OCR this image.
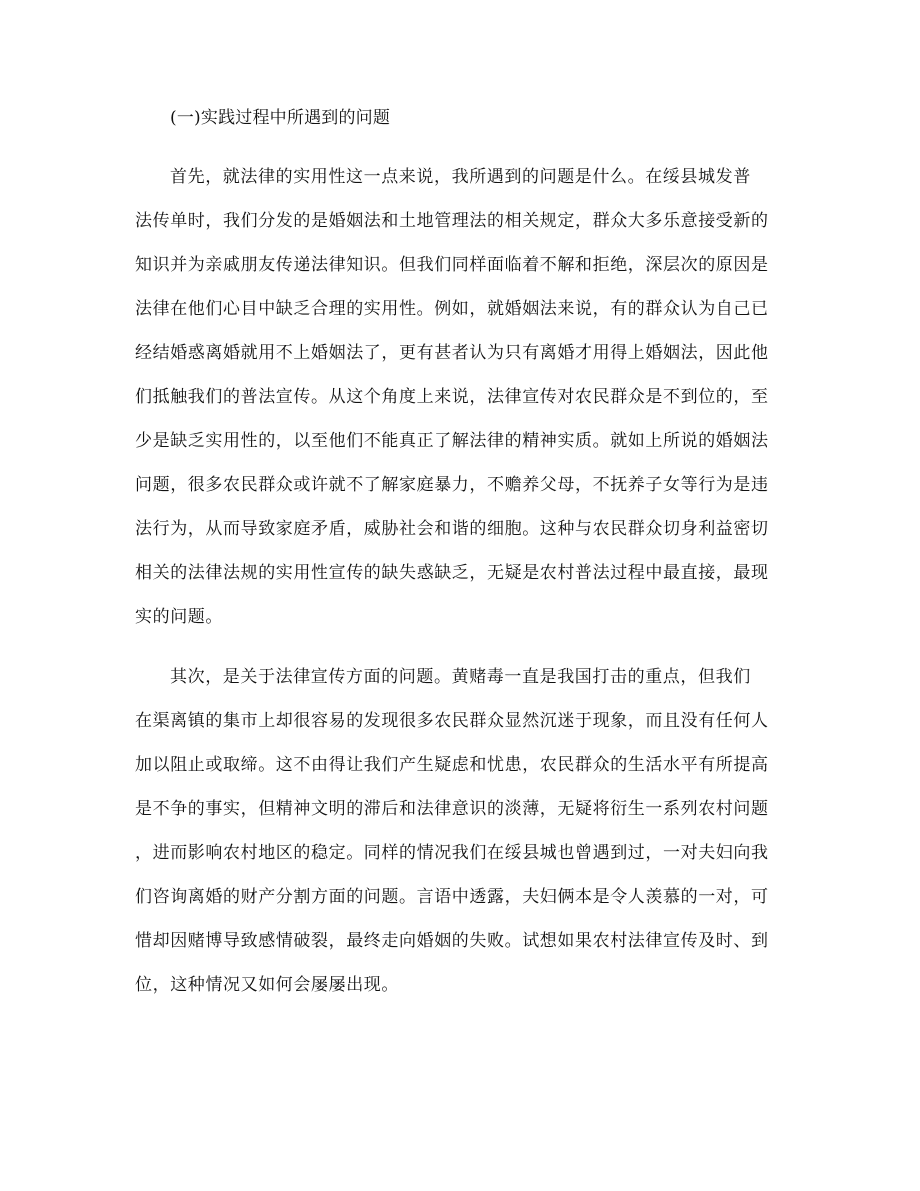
(一)实践过程中所遇到的问题
首先，就法律的实用性这一点来说，我所遇到的问题是什么。在绥县城发普
法传单时，我们分发的是婚姻法和土地管理法的相关规定，群众大多乐意接受新的
知识并为亲戚朋友传递法律知识。但我们同样面临着不解和拒绝，深层次的原因是
法律在他们心目中缺乏合理的实用性。例如，就婚姻法来说，有的群众认为自己已
经结婚惑离婚就用不上婚姻法了，更有甚者认为只有离婚才用得上婚姻法，因此他
们抵触我们的普法宣传。从这个角度上来说，法律宣传对农民群众是不到位的，至
少是缺乏实用性的，以至他们不能真正了解法律的精神实质。就如上所说的婚姻法
问题，很多农民群众或许就不了解家庭暴力，不赡养父母，不抚养子女等行为是违
法行为，从而导致家庭矛盾，威胁社会和谐的细胞。这种与农民群众切身利益密切
相关的法律法规的实用性宣传的缺失惑缺乏，无疑是农村普法过程中最直接，最现
实的问题。
其次，是关于法律宣传方面的问题。黄赌毒一直是我国打击的重点，但我们
在渠离镇的集市上却很容易的发现很多农民群众显然沉迷于现象，而且没有任何人
加以阻止或取缔。这不由得让我们产生疑虑和忧患，农民群众的生活水平有所提高
是不争的事实，但精神文明的滞后和法律意识的淡薄，无疑将衍生一系列农村问题
，进而影响农村地区的稳定。同样的情况我们在绥县城也曾遇到过，一对夫妇向我
们咨询离婚的财产分割方面的问题。言语中透露，夫妇俩本是令人羡慕的一对，可
惜却因赌博导致感情破裂，最终走向婚姻的失败。试想如果农村法律宣传及时、到
位，这种情况又如何会屡屡出现。
